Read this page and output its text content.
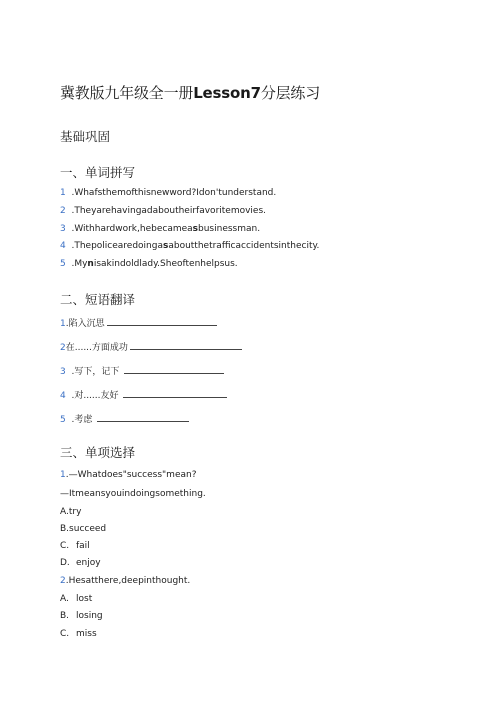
冀教版九年级全一册Lesson7分层练习
基础巩固
一、单词拼写
1 .Whafsthemofthisnewword?Idon'tunderstand.
2 .Theyarehavingadaboutheirfavoritemovies.
3 .Withhardwork,hebecameasbusinessman.
4 .Thepolicearedoingasaboutthetrafficaccidentsinthecity.
5 .Mynisakindoldlady.Sheoftenhelpsus.
二、短语翻译
1.陷入沉思
2在......方面成功
3 .写下，记下
4 .对......友好
5 .考虑
三、单项选择
1.—Whatdoes"success"mean?
—Itmeansyouindoingsomething.
A.try
B.succeed
C. fail
D. enjoy
2.Hesatthere,deepinthought.
A. lost
B. losing
C. miss
